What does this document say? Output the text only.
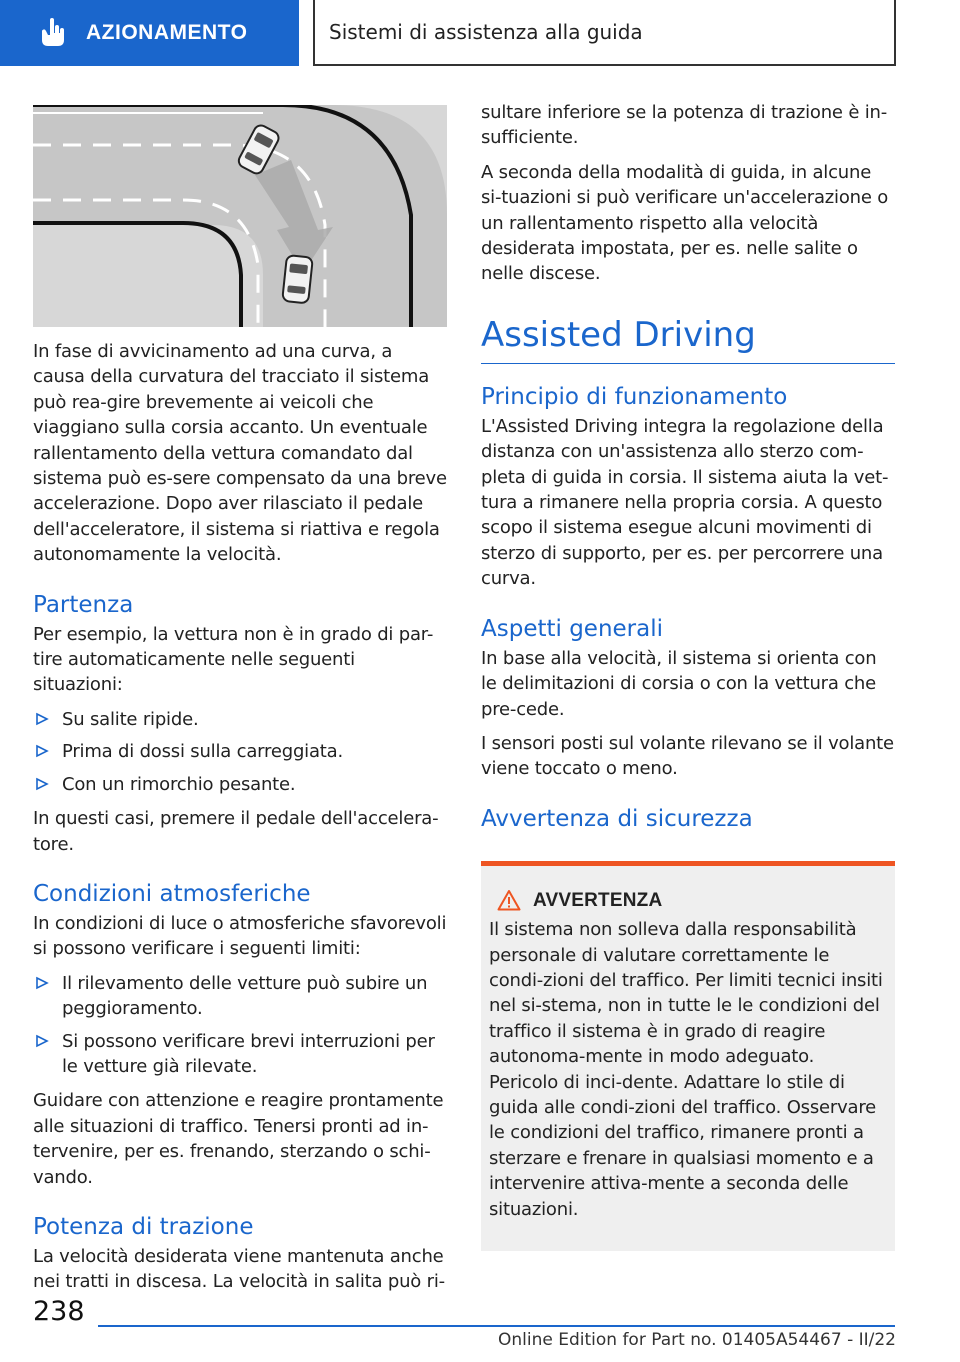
AZIONAMENTO	Sistemi di assistenza alla guida

In fase di avvicinamento ad una curva, a causa della curvatura del tracciato il sistema può rea-gire brevemente ai veicoli che viaggiano sulla corsia accanto. Un eventuale rallentamento della vettura comandato dal sistema può es-sere compensato da una breve accelerazione. Dopo aver rilasciato il pedale dell'acceleratore, il sistema si riattiva e regola autonomamente la velocità.

Partenza

Per esempio, la vettura non è in grado di par-tire automaticamente nelle seguenti situazioni:

Su salite ripide.
Prima di dossi sulla carreggiata.
Con un rimorchio pesante.

In questi casi, premere il pedale dell'accelera-tore.

Condizioni atmosferiche

In condizioni di luce o atmosferiche sfavorevoli si possono verificare i seguenti limiti:

Il rilevamento delle vetture può subire un peggioramento.
Si possono verificare brevi interruzioni per le vetture già rilevate.

Guidare con attenzione e reagire prontamente alle situazioni di traffico. Tenersi pronti ad in-tervenire, per es. frenando, sterzando o schi-vando.

Potenza di trazione

La velocità desiderata viene mantenuta anche nei tratti in discesa. La velocità in salita può ri-

sultare inferiore se la potenza di trazione è in-sufficiente.

A seconda della modalità di guida, in alcune si-tuazioni si può verificare un'accelerazione o un rallentamento rispetto alla velocità desiderata impostata, per es. nelle salite o nelle discese.

Assisted Driving
Principio di funzionamento

L'Assisted Driving integra la regolazione della distanza con un'assistenza allo sterzo com-pleta di guida in corsia. Il sistema aiuta la vet-tura a rimanere nella propria corsia. A questo scopo il sistema esegue alcuni movimenti di sterzo di supporto, per es. per percorrere una curva.

Aspetti generali

In base alla velocità, il sistema si orienta con le delimitazioni di corsia o con la vettura che pre-cede.

I sensori posti sul volante rilevano se il volante viene toccato o meno.

Avvertenza di sicurezza
AVVERTENZA

Il sistema non solleva dalla responsabilità personale di valutare correttamente le condi-zioni del traffico. Per limiti tecnici insiti nel si-stema, non in tutte le le condizioni del traffico il sistema è in grado di reagire autonoma-mente in modo adeguato. Pericolo di inci-dente. Adattare lo stile di guida alle condi-zioni del traffico. Osservare le condizioni del traffico, rimanere pronti a sterzare e frenare in qualsiasi momento e a intervenire attiva-mente a seconda delle situazioni.

238
Online Edition for Part no. 01405A54467 - II/22
